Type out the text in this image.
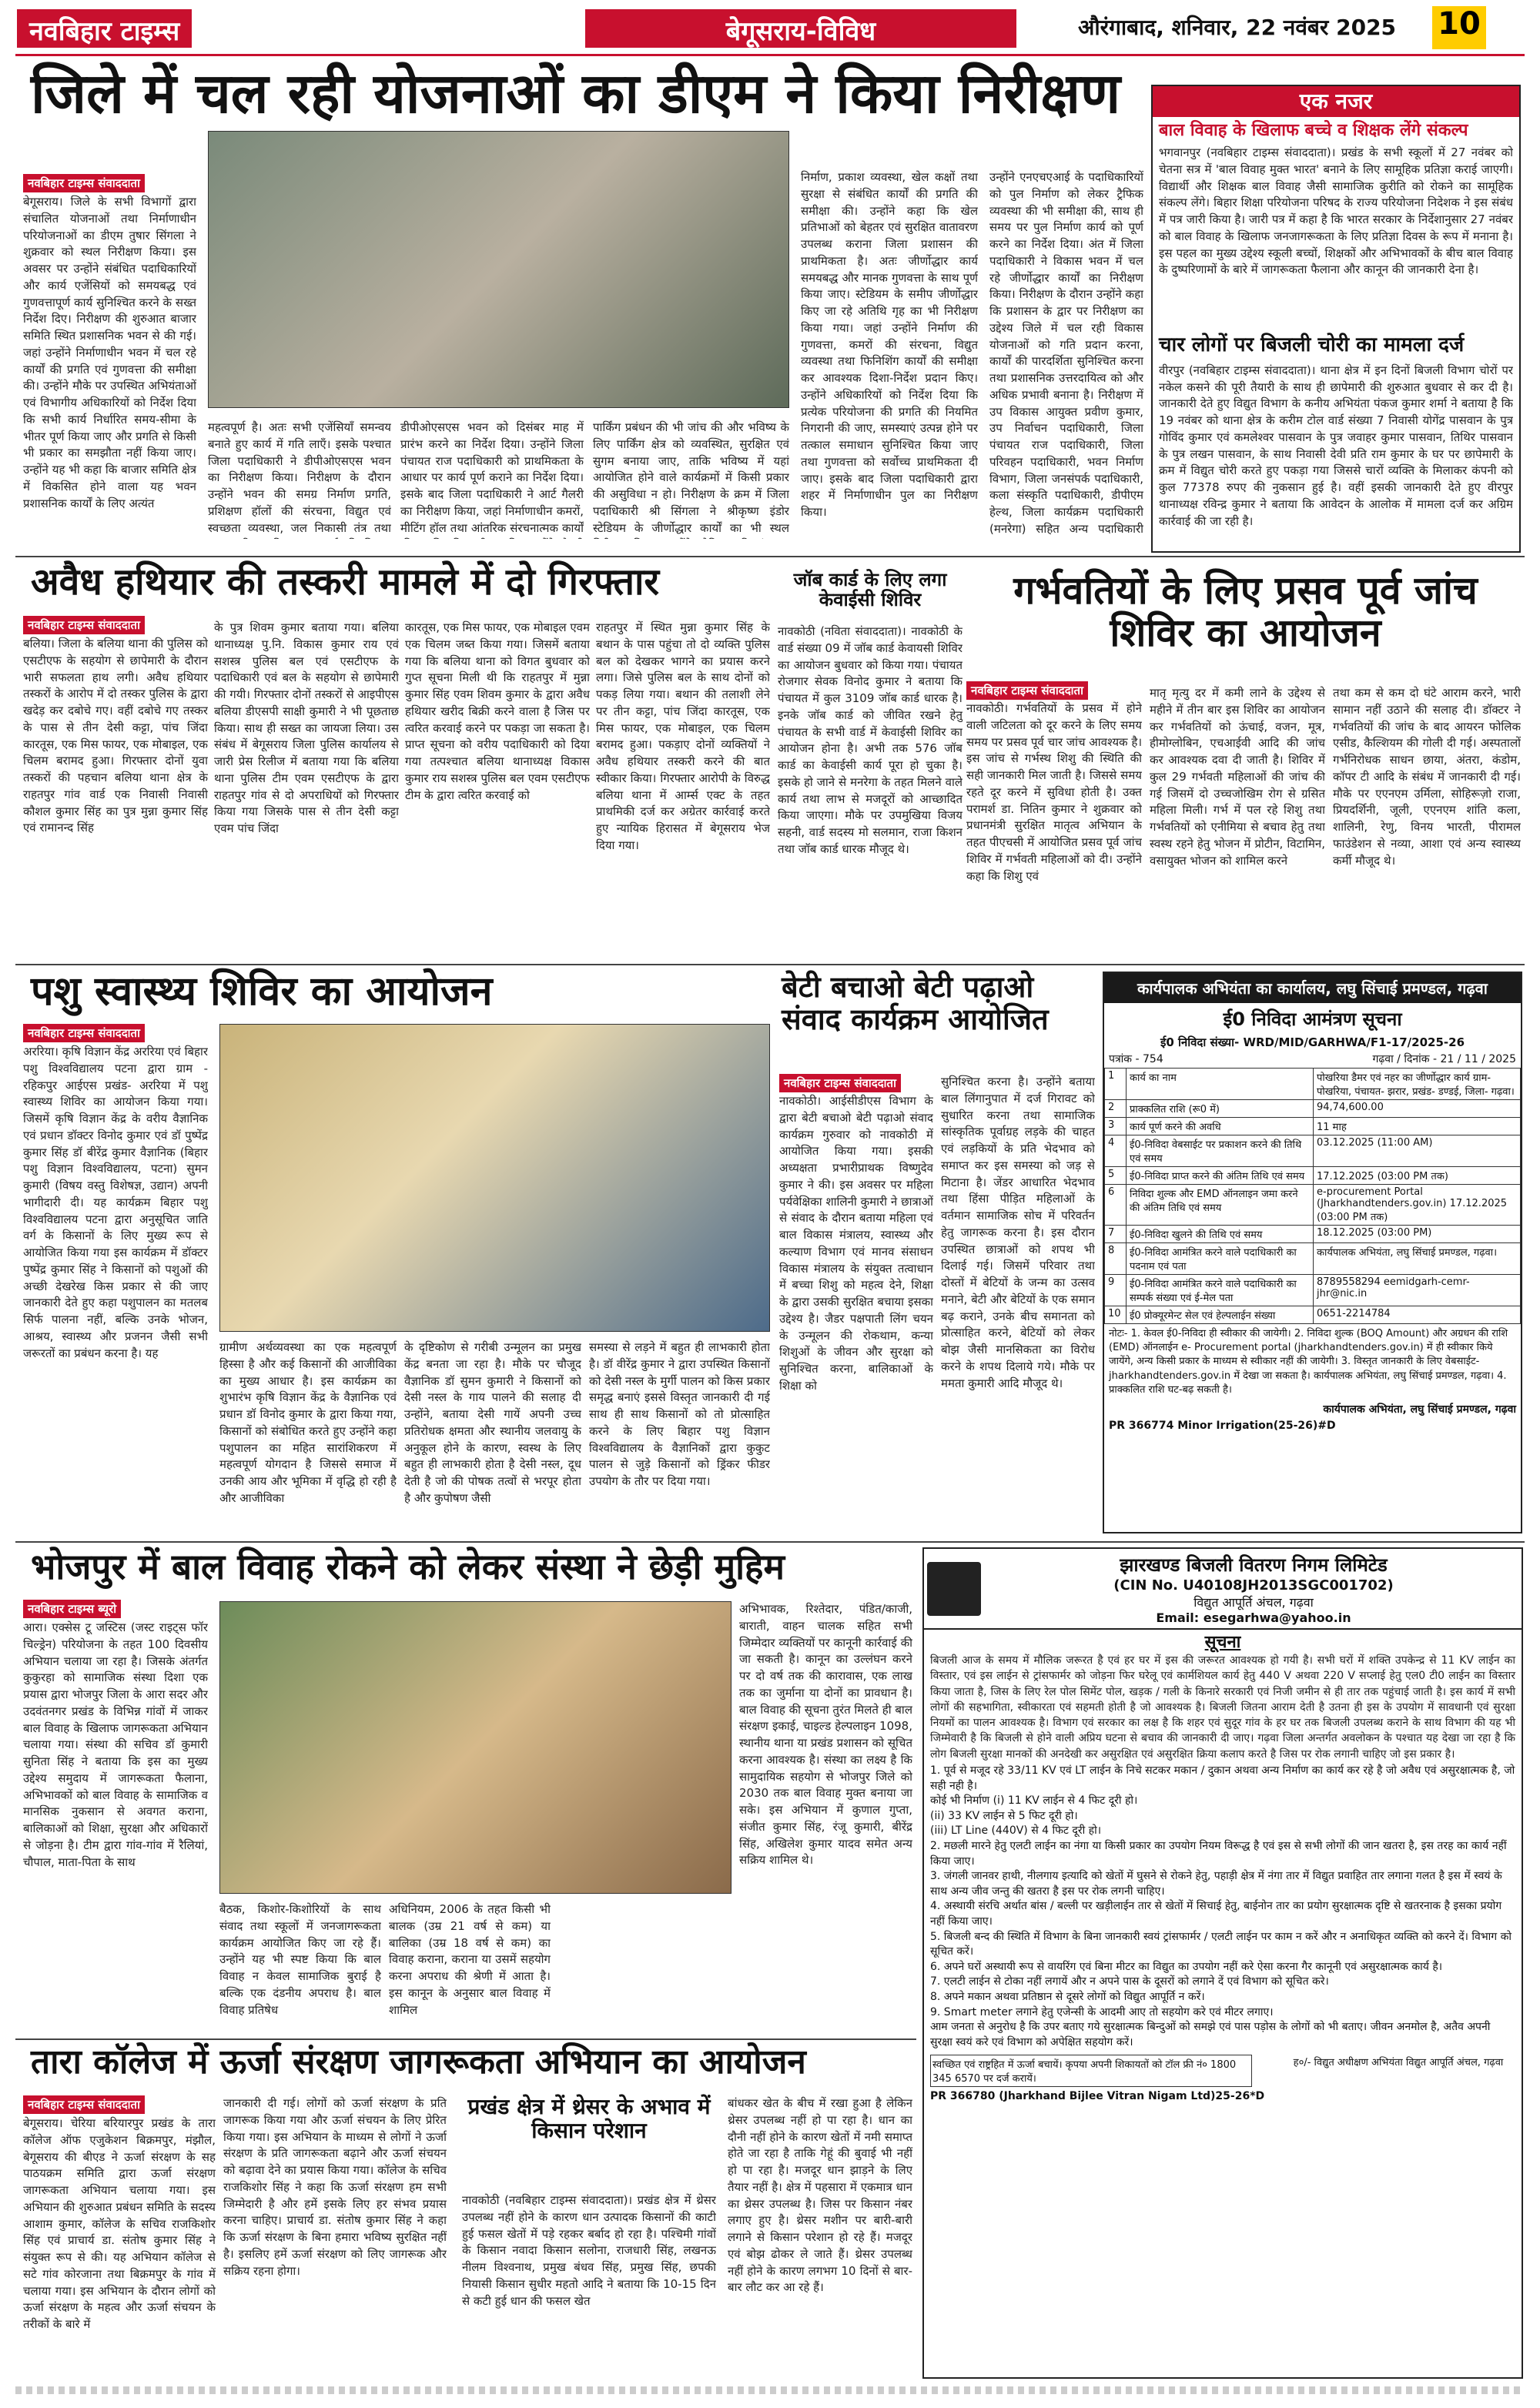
नवबिहार टाइम्स	बेगूसराय-विविध	औरंगाबाद, शनिवार, 22 नवंबर 2025 10
जिले में चल रही योजनाओं का डीएम ने किया निरीक्षण
नवबिहार टाइम्स संवाददाता
बेगूसराय। जिले के सभी विभागों द्वारा संचालित योजनाओं तथा निर्माणाधीन परियोजनाओं का डीएम तुषार सिंगला ने शुक्रवार को स्थल निरीक्षण किया। इस अवसर पर उन्होंने संबंधित पदाधिकारियों और कार्य एजेंसियों को समयबद्ध एवं गुणवत्तापूर्ण कार्य सुनिश्चित करने के सख्त निर्देश दिए। निरीक्षण की शुरुआत बाजार समिति स्थित प्रशासनिक भवन से की गई। जहां उन्होंने निर्माणाधीन भवन में चल रहे कार्यों की प्रगति एवं गुणवत्ता की समीक्षा की। उन्होंने मौके पर उपस्थित अभियंताओं एवं विभागीय अधिकारियों को निर्देश दिया कि सभी कार्य निर्धारित समय-सीमा के भीतर पूर्ण किया जाए और प्रगति से किसी भी प्रकार का समझौता नहीं किया जाए। उन्होंने यह भी कहा कि बाजार समिति क्षेत्र में विकसित होने वाला यह भवन प्रशासनिक कार्यों के लिए अत्यंत
महत्वपूर्ण है। अतः सभी एजेंसियाँ समन्वय बनाते हुए कार्य में गति लाएँ। इसके पश्चात जिला पदाधिकारी ने डीपीओएसएस भवन का निरीक्षण किया। निरीक्षण के दौरान उन्होंने भवन की समग्र निर्माण प्रगति, प्रशिक्षण हॉलों की संरचना, विद्युत एवं स्वच्छता व्यवस्था, जल निकासी तंत्र तथा
डीपीओएसएस भवन को दिसंबर माह में प्रारंभ करने का निर्देश दिया। उन्होंने जिला पंचायत राज पदाधिकारी को प्राथमिकता के आधार पर कार्य पूर्ण कराने का निर्देश दिया। इसके बाद जिला पदाधिकारी ने आर्ट गैलरी का निरीक्षण किया, जहां निर्माणाधीन कमरों, मीटिंग हॉल तथा आंतरिक संरचनात्मक कार्यों
पार्किंग प्रबंधन की भी जांच की और भविष्य के लिए पार्किंग क्षेत्र को व्यवस्थित, सुरक्षित एवं सुगम बनाया जाए, ताकि भविष्य में यहां आयोजित होने वाले कार्यक्रमों में किसी प्रकार की असुविधा न हो। निरीक्षण के क्रम में जिला पदाधिकारी श्री सिंगला ने श्रीकृष्ण इंडोर स्टेडियम के जीर्णोद्धार कार्यों का भी स्थल
निर्माण, प्रकाश व्यवस्था, खेल कक्षों तथा सुरक्षा से संबंधित कार्यों की प्रगति की समीक्षा की। उन्होंने कहा कि खेल प्रतिभाओं को बेहतर एवं सुरक्षित वातावरण उपलब्ध कराना जिला प्रशासन की प्राथमिकता है। अतः जीर्णोद्धार कार्य समयबद्ध और मानक गुणवत्ता के साथ पूर्ण किया जाए। स्टेडियम के समीप जीर्णोद्धार किए जा रहे अतिथि गृह का भी निरीक्षण किया गया। जहां उन्होंने निर्माण की गुणवत्ता, कमरों की संरचना, विद्युत व्यवस्था तथा फिनिशिंग कार्यों की समीक्षा कर आवश्यक दिशा-निर्देश प्रदान किए। उन्होंने अधिकारियों को निर्देश दिया कि प्रत्येक परियोजना की प्रगति की नियमित निगरानी की जाए, समस्याएं उत्पन्न होने पर तत्काल समाधान सुनिश्चित किया जाए तथा गुणवत्ता को सर्वोच्च प्राथमिकता दी जाए। इसके बाद जिला पदाधिकारी द्वारा शहर में निर्माणाधीन पुल का निरीक्षण किया।
उन्होंने एनएचएआई के पदाधिकारियों को पुल निर्माण को लेकर ट्रैफिक व्यवस्था की भी समीक्षा की, साथ ही समय पर पुल निर्माण कार्य को पूर्ण करने का निर्देश दिया। अंत में जिला पदाधिकारी ने विकास भवन में चल रहे जीर्णोद्धार कार्यों का निरीक्षण किया। निरीक्षण के दौरान उन्होंने कहा कि प्रशासन के द्वार पर निरीक्षण का उद्देश्य जिले में चल रही विकास योजनाओं को गति प्रदान करना, कार्यों की पारदर्शिता सुनिश्चित करना तथा प्रशासनिक उत्तरदायित्व को और अधिक प्रभावी बनाना है। निरीक्षण में उप विकास आयुक्त प्रवीण कुमार, उप निर्वाचन पदाधिकारी, जिला पंचायत राज पदाधिकारी, जिला परिवहन पदाधिकारी, भवन निर्माण विभाग, जिला जनसंपर्क पदाधिकारी, कला संस्कृति पदाधिकारी, डीपीएम हेल्थ, जिला कार्यक्रम पदाधिकारी (मनरेगा) सहित अन्य पदाधिकारी
एक नजर
बाल विवाह के खिलाफ बच्चे व शिक्षक लेंगे संकल्प
भगवानपुर (नवबिहार टाइम्स संवाददाता)। प्रखंड के सभी स्कूलों में 27 नवंबर को चेतना सत्र में 'बाल विवाह मुक्त भारत' बनाने के लिए सामूहिक प्रतिज्ञा कराई जाएगी। विद्यार्थी और शिक्षक बाल विवाह जैसी सामाजिक कुरीति को रोकने का सामूहिक संकल्प लेंगे। बिहार शिक्षा परियोजना परिषद के राज्य परियोजना निदेशक ने इस संबंध में पत्र जारी किया है। जारी पत्र में कहा है कि भारत सरकार के निर्देशानुसार 27 नवंबर को बाल विवाह के खिलाफ जनजागरूकता के लिए प्रतिज्ञा दिवस के रूप में मनाना है। इस पहल का मुख्य उद्देश्य स्कूली बच्चों, शिक्षकों और अभिभावकों के बीच बाल विवाह के दुष्परिणामों के बारे में जागरूकता फैलाना और कानून की जानकारी देना है।
चार लोगों पर बिजली चोरी का मामला दर्ज
वीरपुर (नवबिहार टाइम्स संवाददाता)। थाना क्षेत्र में इन दिनों बिजली विभाग चोरों पर नकेल कसने की पूरी तैयारी के साथ ही छापेमारी की शुरुआत बुधवार से कर दी है। जानकारी देते हुए विद्युत विभाग के कनीय अभियंता पंकज कुमार शर्मा ने बताया है कि 19 नवंबर को थाना क्षेत्र के करीम टोल वार्ड संख्या 7 निवासी योगेंद्र पासवान के पुत्र गोविंद कुमार एवं कमलेश्वर पासवान के पुत्र जवाहर कुमार पासवान, तिथिर पासवान के पुत्र लखन पासवान, के साथ निवासी देवी प्रति राम कुमार के घर पर छापेमारी के क्रम में विद्युत चोरी करते हुए पकड़ा गया जिससे चारों व्यक्ति के मिलाकर कंपनी को कुल 77378 रुपए की नुकसान हुई है। वहीं इसकी जानकारी देते हुए वीरपुर थानाध्यक्ष रविन्द्र कुमार ने बताया कि आवेदन के आलोक में मामला दर्ज कर अग्रिम कार्रवाई की जा रही है।
अवैध हथियार की तस्करी मामले में दो गिरफ्तार
नवबिहार टाइम्स संवाददाता
बलिया। जिला के बलिया थाना की पुलिस को एसटीएफ के सहयोग से छापेमारी के दौरान भारी सफलता हाथ लगी। अवैध हथियार तस्करों के आरोप में दो तस्कर पुलिस के द्वारा खदेड़ कर दबोचे गए। वहीं दबोचे गए तस्कर के पास से तीन देसी कट्टा, पांच जिंदा कारतूस, एक मिस फायर, एक मोबाइल, एक चिलम बरामद हुआ। गिरफ्तार दोनों युवा तस्करों की पहचान बलिया थाना क्षेत्र के राहतपुर गांव वार्ड एक निवासी निवासी कौशल कुमार सिंह का पुत्र मुन्ना कुमार सिंह एवं रामानन्द सिंह
के पुत्र शिवम कुमार बताया गया। बलिया थानाध्यक्ष पु.नि. विकास कुमार राय एवं सशस्त्र पुलिस बल एवं एसटीएफ के पदाधिकारी एवं बल के सहयोग से छापेमारी की गयी। गिरफ्तार दोनों तस्करों से आइपीएस बलिया डीएसपी साक्षी कुमारी ने भी पूछताछ किया। साथ ही सख्त का जायजा लिया। उस संबंध में बेगूसराय जिला पुलिस कार्यालय से जारी प्रेस रिलीज में बताया गया कि बलिया थाना पुलिस टीम एवम एसटीएफ के द्वारा राहतपुर गांव से दो अपराधियों को गिरफ्तार किया गया जिसके पास से तीन देसी कट्टा एवम पांच जिंदा
कारतूस, एक मिस फायर, एक मोबाइल एवम एक चिलम जब्त किया गया। जिसमें बताया गया कि बलिया थाना को विगत बुधवार को गुप्त सूचना मिली थी कि राहतपुर में मुन्ना कुमार सिंह एवम शिवम कुमार के द्वारा अवैध हथियार खरीद बिक्री करने वाला है जिस पर त्वरित करवाई करने पर पकड़ा जा सकता है। प्राप्त सूचना को वरीय पदाधिकारी को दिया गया तत्पश्चात बलिया थानाध्यक्ष विकास कुमार राय सशस्त्र पुलिस बल एवम एसटीएफ टीम के द्वारा त्वरित करवाई को
राहतपुर में स्थित मुन्ना कुमार सिंह के बथान के पास पहुंचा तो दो व्यक्ति पुलिस बल को देखकर भागने का प्रयास करने लगा। जिसे पुलिस बल के साथ दोनों को पकड़ लिया गया। बथान की तलाशी लेने पर तीन कट्टा, पांच जिंदा कारतूस, एक मिस फायर, एक मोबाइल, एक चिलम बरामद हुआ। पकड़ाए दोनों व्यक्तियों ने अवैध हथियार तस्करी करने की बात स्वीकार किया। गिरफ्तार आरोपी के विरुद्ध बलिया थाना में आर्म्स एक्ट के तहत प्राथमिकी दर्ज कर अग्रेतर कार्रवाई करते हुए न्यायिक हिरासत में बेगूसराय भेज दिया गया।
जॉब कार्ड के लिए लगा केवाईसी शिविर
नावकोठी (नविता संवाददाता)। नावकोठी के वार्ड संख्या 09 में जॉब कार्ड केवायसी शिविर का आयोजन बुधवार को किया गया। पंचायत रोजगार सेवक विनोद कुमार ने बताया कि पंचायत में कुल 3109 जॉब कार्ड धारक है। इनके जॉब कार्ड को जीवित रखने हेतु पंचायत के सभी वार्ड में केवाईसी शिविर का आयोजन होना है। अभी तक 576 जॉब कार्ड का केवाईसी कार्य पूरा हो चुका है। इसके हो जाने से मनरेगा के तहत मिलने वाले कार्य तथा लाभ से मजदूरों को आच्छादित किया जाएगा। मौके पर उपमुखिया विजय सहनी, वार्ड सदस्य मो सलमान, राजा किशन तथा जॉब कार्ड धारक मौजूद थे।
गर्भवतियों के लिए प्रसव पूर्व जांच शिविर का आयोजन
नवबिहार टाइम्स संवाददाता
नावकोठी। गर्भवतियों के प्रसव में होने वाली जटिलता को दूर करने के लिए समय समय पर प्रसव पूर्व चार जांच आवश्यक है। इस जांच से गर्भस्थ शिशु की स्थिति की सही जानकारी मिल जाती है। जिससे समय रहते दूर करने में सुविधा होती है। उक्त परामर्श डा. नितिन कुमार ने शुक्रवार को प्रधानमंत्री सुरक्षित मातृत्व अभियान के तहत पीएचसी में आयोजित प्रसव पूर्व जांच शिविर में गर्भवती महिलाओं को दी। उन्होंने कहा कि शिशु एवं
मातृ मृत्यु दर में कमी लाने के उद्देश्य से महीने में तीन बार इस शिविर का आयोजन कर गर्भवतियों को ऊंचाई, वजन, मूत्र, हीमोग्लोबिन, एचआईवी आदि की जांच कर आवश्यक दवा दी जाती है। शिविर में कुल 29 गर्भवती महिलाओं की जांच की गई जिसमें दो उच्चजोखिम रोग से ग्रसित महिला मिली। गर्भ में पल रहे शिशु तथा गर्भवतियों को एनीमिया से बचाव हेतु तथा स्वस्थ रहने हेतु भोजन में प्रोटीन, विटामिन, वसायुक्त भोजन को शामिल करने
तथा कम से कम दो घंटे आराम करने, भारी सामान नहीं उठाने की सलाह दी। डॉक्टर ने गर्भवतियों की जांच के बाद आयरन फोलिक एसीड, कैल्शियम की गोली दी गई। अस्पतालों गर्भनिरोधक साधन छाया, अंतरा, कंडोम, कॉपर टी आदि के संबंध में जानकारी दी गई। मौके पर एएनएम उर्मिला, सोहिरूज़ो राजा, प्रियदर्शिनी, जूली, एएनएम शांति कला, शालिनी, रेणु, विनय भारती, पीरामल फाउंडेशन से नव्या, आशा एवं अन्य स्वास्थ्य कर्मी मौजूद थे।
पशु स्वास्थ्य शिविर का आयोजन
नवबिहार टाइम्स संवाददाता
अररिया। कृषि विज्ञान केंद्र अररिया एवं बिहार पशु विश्वविद्यालय पटना द्वारा ग्राम - रहिकपुर आईएस प्रखंड- अररिया में पशु स्वास्थ्य शिविर का आयोजन किया गया। जिसमें कृषि विज्ञान केंद्र के वरीय वैज्ञानिक एवं प्रधान डॉक्टर विनोद कुमार एवं डॉ पुष्पेंद्र कुमार सिंह डॉ बीरेंद्र कुमार वैज्ञानिक (बिहार पशु विज्ञान विश्वविद्यालय, पटना) सुमन कुमारी (विषय वस्तु विशेषज्ञ, उद्यान) अपनी भागीदारी दी। यह कार्यक्रम बिहार पशु विश्वविद्यालय पटना द्वारा अनुसूचित जाति वर्ग के किसानों के लिए मुख्य रूप से आयोजित किया गया इस कार्यक्रम में डॉक्टर पुष्पेंद्र कुमार सिंह ने किसानों को पशुओं की अच्छी देखरेख किस प्रकार से की जाए जानकारी देते हुए कहा पशुपालन का मतलब सिर्फ पालना नहीं, बल्कि उनके भोजन, आश्रय, स्वास्थ्य और प्रजनन जैसी सभी जरूरतों का प्रबंधन करना है। यह	ग्रामीण अर्थव्यवस्था का एक महत्वपूर्ण हिस्सा है और कई किसानों की आजीविका का मुख्य आधार है। इस कार्यक्रम का शुभारंभ कृषि विज्ञान केंद्र के वैज्ञानिक एवं प्रधान डॉ विनोद कुमार के द्वारा किया गया, किसानों को संबोधित करते हुए उन्होंने कहा पशुपालन का महित सारांशिकरण में महत्वपूर्ण योगदान है जिससे समाज में उनकी आय और भूमिका में वृद्धि हो रही है और आजीविका
के दृष्टिकोण से गरीबी उन्मूलन का प्रमुख केंद्र बनता जा रहा है। मौके पर चौजूद वैज्ञानिक डॉ सुमन कुमारी ने किसानों को देसी नस्ल के गाय पालने की सलाह दी उन्होंने, बताया देसी गायें अपनी उच्च प्रतिरोधक क्षमता और स्थानीय जलवायु के अनुकूल होने के कारण, स्वस्थ के लिए बहुत ही लाभकारी होता है देसी नस्ल, दूध देती है जो की पोषक तत्वों से भरपूर होता है और कुपोषण जैसी
समस्या से लड़ने में बहुत ही लाभकारी होता है। डॉ वीरेंद्र कुमार ने द्वारा उपस्थित किसानों को देसी नस्ल के मुर्गी पालन को किस प्रकार समृद्ध बनाएं इससे विस्तृत जानकारी दी गई साथ ही साथ किसानों को तो प्रोत्साहित करने के लिए बिहार पशु विज्ञान विश्वविद्यालय के वैज्ञानिकों द्वारा कुकुट पालन से जुड़े किसानों को ड्रिंकर फीडर उपयोग के तौर पर दिया गया।
बेटी बचाओ बेटी पढ़ाओ संवाद कार्यक्रम आयोजित
नवबिहार टाइम्स संवाददाता
नावकोठी। आईसीडीएस विभाग के द्वारा बेटी बचाओ बेटी पढ़ाओ संवाद कार्यक्रम गुरुवार को नावकोठी में आयोजित किया गया। इसकी अध्यक्षता प्रभारीप्राथक विष्णुदेव कुमार ने की। इस अवसर पर महिला पर्यवेक्षिका शालिनी कुमारी ने छात्राओं से संवाद के दौरान बताया महिला एवं बाल विकास मंत्रालय, स्वास्थ्य और कल्याण विभाग एवं मानव संसाधन विकास मंत्रालय के संयुक्त तत्वाधान में बच्चा शिशु को महत्व देने, शिक्षा के द्वारा उसकी सुरक्षित बचाया इसका उद्देश्य है। जैडर पक्षपाती लिंग चयन के उन्मूलन की रोकथाम, कन्या शिशुओं के जीवन और सुरक्षा को सुनिश्चित करना, बालिकाओं के शिक्षा को
सुनिश्चित करना है। उन्होंने बताया बाल लिंगानुपात में दर्ज गिरावट को सुधारित करना तथा सामाजिक सांस्कृतिक पूर्वाग्रह लड़के की चाहत एवं लड़कियों के प्रति भेदभाव को समाप्त कर इस समस्या को जड़ से मिटाना है। जेंडर आधारित भेदभाव तथा हिंसा पीड़ित महिलाओं के वर्तमान सामाजिक सोच में परिवर्तन हेतु जागरूक करना है। इस दौरान उपस्थित छात्राओं को शपथ भी दिलाई गई। जिसमें परिवार तथा दोस्तों में बेटियों के जन्म का उत्सव मनाने, बेटी और बेटियों के एक समान बढ़ कराने, उनके बीच समानता को प्रोत्साहित करने, बेटियों को लेकर बोझ जैसी मानसिकता का विरोध करने के शपथ दिलाये गये। मौके पर ममता कुमारी आदि मौजूद थे।
कार्यपालक अभियंता का कार्यालय, लघु सिंचाई प्रमण्डल, गढ़वा
ई0 निविदा आमंत्रण सूचना
ई0 निविदा संख्या- WRD/MID/GARHWA/F1-17/2025-26
पत्रांक - 754	गढ़वा / दिनांक - 21 / 11 / 2025
1	कार्य का नाम	पोखरिया डैमर एवं नहर का जीर्णोद्धार कार्य ग्राम- पोखरिया, पंचायत- झरार, प्रखंड- डण्डई, जिला- गढ़वा।
2	प्राक्कलित राशि (रू0 में)	94,74,600.00
3	कार्य पूर्ण करने की अवधि	11 माह
4	ई0-निविदा वेबसाईट पर प्रकाशन करने की तिथि एवं समय	03.12.2025 (11:00 AM)
5	ई0-निविदा प्राप्त करने की अंतिम तिथि एवं समय	17.12.2025 (03:00 PM तक)
6	निविदा शुल्क और EMD ऑनलाइन जमा करने की अंतिम तिथि एवं समय	e-procurement Portal (Jharkhandtenders.gov.in) 17.12.2025 (03:00 PM तक)
7	ई0-निविदा खुलने की तिथि एवं समय	18.12.2025 (03:00 PM)
8	ई0-निविदा आमंत्रित करने वाले पदाधिकारी का पदनाम एवं पता	कार्यपालक अभियंता, लघु सिंचाई प्रमण्डल, गढ़वा।
9	ई0-निविदा आमंत्रित करने वाले पदाधिकारी का सम्पर्क संख्या एवं ई-मेल पता	8789558294 eemidgarh-cemr-jhr@nic.in
10	ई0 प्रोक्यूरमेन्ट सेल एवं हेल्पलाईन संख्या	0651-2214784
नोटः- 1. केवल ई0-निविदा ही स्वीकार की जायेगी। 2. निविदा शुल्क (BOQ Amount) और अग्रधन की राशि (EMD) ऑनलाईन e- Procurement portal (jharkhandtenders.gov.in) में ही स्वीकार किये जायेंगे, अन्य किसी प्रकार के माध्यम से स्वीकार नहीं की जायेगी। 3. विस्तृत जानकारी के लिए वेबसाईट-jharkhandtenders.gov.in में देखा जा सकता है। कार्यपालक अभियंता, लघु सिंचाई प्रमण्डल, गढ़वा। 4. प्राक्कलित राशि घट-बढ़ सकती है।
कार्यपालक अभियंता, लघु सिंचाई प्रमण्डल, गढ़वा
PR 366774 Minor Irrigation(25-26)#D
भोजपुर में बाल विवाह रोकने को लेकर संस्था ने छेड़ी मुहिम
नवबिहार टाइम्स ब्यूरो
आरा। एक्सेस टू जस्टिस (जस्ट राइट्स फॉर चिल्ड्रेन) परियोजना के तहत 100 दिवसीय अभियान चलाया जा रहा है। जिसके अंतर्गत कुकुरहा को सामाजिक संस्था दिशा एक प्रयास द्वारा भोजपुर जिला के आरा सदर और उदवंतनगर प्रखंड के विभिन्न गांवों में जाकर बाल विवाह के खिलाफ जागरूकता अभियान चलाया गया। संस्था की सचिव डॉ कुमारी सुनिता सिंह ने बताया कि इस का मुख्य उद्देश्य समुदाय में जागरूकता फैलाना, अभिभावकों को बाल विवाह के सामाजिक व मानसिक नुकसान से अवगत कराना, बालिकाओं को शिक्षा, सुरक्षा और अधिकारों से जोड़ना है। टीम द्वारा गांव-गांव में रैलियां, चौपाल, माता-पिता के साथ
बैठक, किशोर-किशोरियों के साथ संवाद तथा स्कूलों में जनजागरूकता कार्यक्रम आयोजित किए जा रहे हैं। उन्होंने यह भी स्पष्ट किया कि बाल विवाह न केवल सामाजिक बुराई है बल्कि एक दंडनीय अपराध है। बाल विवाह प्रतिषेध
अधिनियम, 2006 के तहत किसी भी बालक (उम्र 21 वर्ष से कम) या बालिका (उम्र 18 वर्ष से कम) का विवाह कराना, कराना या उसमें सहयोग करना अपराध की श्रेणी में आता है। इस कानून के अनुसार बाल विवाह में शामिल
अभिभावक, रिश्तेदार, पंडित/काजी, बाराती, वाहन चालक सहित सभी जिम्मेदार व्यक्तियों पर कानूनी कार्रवाई की जा सकती है। कानून का उल्लंघन करने पर दो वर्ष तक की कारावास, एक लाख तक का जुर्माना या दोनों का प्रावधान है। बाल विवाह की सूचना तुरंत मिलते ही बाल संरक्षण इकाई, चाइल्ड हेल्पलाइन 1098, स्थानीय थाना या प्रखंड प्रशासन को सूचित करना आवश्यक है। संस्था का लक्ष्य है कि सामुदायिक सहयोग से भोजपुर जिले को 2030 तक बाल विवाह मुक्त बनाया जा सके। इस अभियान में कुणाल गुप्ता, संजीत कुमार सिंह, रंजू कुमारी, बीरेंद्र सिंह, अखिलेश कुमार यादव समेत अन्य सक्रिय शामिल थे।
तारा कॉलेज में ऊर्जा संरक्षण जागरूकता अभियान का आयोजन
नवबिहार टाइम्स संवाददाता
बेगूसराय। चेरिया बरियारपुर प्रखंड के तारा कॉलेज ऑफ एजुकेशन बिक्रमपुर, मंझौल, बेगूसराय की बीएड ने ऊर्जा संरक्षण के सह पाठयक्रम समिति द्वारा ऊर्जा संरक्षण जागरूकता अभियान चलाया गया। इस अभियान की शुरुआत प्रबंधन समिति के सदस्य आशाम कुमार, कॉलेज के सचिव राजकिशोर सिंह एवं प्राचार्य डा. संतोष कुमार सिंह ने संयुक्त रूप से की। यह अभियान कॉलेज से सटे गांव कोरजाना तथा बिक्रमपुर के गांव में चलाया गया। इस अभियान के दौरान लोगों को ऊर्जा संरक्षण के महत्व और ऊर्जा संचयन के तरीकों के बारे में
जानकारी दी गई। लोगों को ऊर्जा संरक्षण के प्रति जागरूक किया गया और ऊर्जा संचयन के लिए प्रेरित किया गया। इस अभियान के माध्यम से लोगों ने ऊर्जा संरक्षण के प्रति जागरूकता बढ़ाने और ऊर्जा संचयन को बढ़ावा देने का प्रयास किया गया। कॉलेज के सचिव राजकिशोर सिंह ने कहा कि ऊर्जा संरक्षण हम सभी जिम्मेदारी है और हमें इसके लिए हर संभव प्रयास करना चाहिए। प्राचार्य डा. संतोष कुमार सिंह ने कहा कि ऊर्जा संरक्षण के बिना हमारा भविष्य सुरक्षित नहीं है। इसलिए हमें ऊर्जा संरक्षण को लिए जागरूक और सक्रिय रहना होगा।
प्रखंड क्षेत्र में थ्रेसर के अभाव में किसान परेशान
नावकोठी (नवबिहार टाइम्स संवाददाता)। प्रखंड क्षेत्र में थ्रेसर उपलब्ध नहीं होने के कारण धान उत्पादक किसानों की काटी हुई फसल खेतों में पड़े रहकर बर्बाद हो रहा है। पश्चिमी गांवों के किसान नवादा किसान सलोना, राजधारी सिंह, लखनऊ नीलम विश्वनाथ, प्रमुख बंधव सिंह, प्रमुख सिंह, छपकी नियासी किसान सुधीर महतो आदि ने बताया कि 10-15 दिन से कटी हुई धान की फसल खेत
बांधकर खेत के बीच में रखा हुआ है लेकिन थ्रेसर उपलब्ध नहीं हो पा रहा है। धान का दौनी नहीं होने के कारण खेतों में नमी समाप्त होते जा रहा है ताकि गेहूं की बुवाई भी नहीं हो पा रहा है। मजदूर धान झाड़ने के लिए तैयार नहीं है। क्षेत्र में पहसारा में एकमात्र धान का थ्रेसर उपलब्ध है। जिस पर किसान नंबर लगाए हुए है। थ्रेसर मशीन पर बारी-बारी लगाने से किसान परेशान हो रहे हैं। मजदूर एवं बोझ ढोकर ले जाते हैं। थ्रेसर उपलब्ध नहीं होने के कारण लगभग 10 दिनों से बार-बार लौट कर आ रहे हैं।
झारखण्ड बिजली वितरण निगम लिमिटेड
(CIN No. U40108JH2013SGC001702)
विद्युत आपूर्ति अंचल, गढ़वा
Email: esegarhwa@yahoo.in
सूचना
बिजली आज के समय में मौलिक जरूरत है एवं हर घर में इस की जरूरत आवश्यक हो गयी है। सभी घरों में शक्ति उपकेन्द्र से 11 KV लाईन का विस्तार, एवं इस लाईन से ट्रांसफार्मर को जोड़ना फिर घरेलू एवं कार्मशियल कार्य हेतु 440 V अथवा 220 V सप्लाई हेतु एल0 टी0 लाईन का विस्तार किया जाता है, जिस के लिए रेल पोल सिमेंट पोल, खड़क / गली के किनारे सरकारी एवं निजी जमीन से ही तार तक पहुंचाई जाती है। इस कार्य में सभी लोगों की सहभागिता, स्वीकारता एवं सहमती होती है जो आवश्यक है। बिजली जितना आराम देती है उतना ही इस के उपयोग में सावधानी एवं सुरक्षा नियमों का पालन आवश्यक है। विभाग एवं सरकार का लक्ष है कि शहर एवं सुदूर गांव के हर घर तक बिजली उपलब्ध कराने के साथ विभाग की यह भी जिम्मेवारी है कि बिजली से होने वाली अप्रिय घटना से बचाव की जानकारी दी जाए। गढ़वा जिला अन्तर्गत अवलोकन के पश्चात यह देखा जा रहा है कि लोग बिजली सुरक्षा मानकों की अनदेखी कर असुरक्षित एवं असुरक्षित क्रिया कलाप करते है जिस पर रोक लगानी चाहिए जो इस प्रकार है।
1. पूर्व से मजूद रहे 33/11 KV एवं LT लाईन के निचे सटकर मकान / दुकान अथवा अन्य निर्माण का कार्य कर रहे है जो अवैध एवं असुरक्षात्मक है, जो सही नही है।
कोई भी निर्माण (i) 11 KV लाईन से 4 फिट दूरी हो।
(ii) 33 KV लाईन से 5 फिट दूरी हो।
(iii) LT Line (440V) से 4 फिट दूरी हो।
2. मछली मारने हेतु एलटी लाईन का नंगा या किसी प्रकार का उपयोग नियम विरूद्ध है एवं इस से सभी लोगों की जान खतरा है, इस तरह का कार्य नहीं किया जाए।
3. जंगली जानवर हाथी, नीलगाय इत्यादि को खेतों में घुसने से रोकने हेतु, पहाड़ी क्षेत्र में नंगा तार में विद्युत प्रवाहित तार लगाना गलत है इस में स्वयं के साथ अन्य जीव जन्तु की खतरा है इस पर रोक लगनी चाहिए।
4. अस्थायी संरचि अर्थात बांस / बल्ली पर खड़ीलाईन तार से खेतों में सिचाई हेतु, बाईनोन तार का प्रयोग सुरक्षात्मक दृष्टि से खतरनाक है इसका प्रयोग नहीं किया जाए।
5. बिजली बन्द की स्थिति में विभाग के बिना जानकारी स्वयं ट्रांसफार्मर / एलटी लाईन पर काम न करें और न अनाधिकृत व्यक्ति को करने दें। विभाग को सूचित करें।
6. अपने घरों अस्थायी रूप से वायरिंग एवं बिना मीटर का विद्युत का उपयोग नहीं करे ऐसा करना गैर कानूनी एवं असुरक्षात्मक कार्य है।
7. एलटी लाईन से टोका नहीं लगायें और न अपने पास के दूसरों को लगाने दें एवं विभाग को सूचित करे।
8. अपने मकान अथवा प्रतिष्ठान से दूसरे लोगों को विद्युत आपूर्ति न करें।
9. Smart meter लगाने हेतु एजेन्सी के आदमी आए तो सहयोग करे एवं मीटर लगाए।
आम जनता से अनुरोध है कि उपर बताए गये सुरक्षात्मक बिन्दुओं को समझे एवं पास पड़ोस के लोगों को भी बताए। जीवन अनमोल है, अतैव अपनी सुरक्षा स्वयं करे एवं विभाग को अपेक्षित सहयोग करें।
स्वच्छित एवं राष्ट्रहित में ऊर्जा बचायें। कृपया अपनी शिकायतों को टॉल फ्री नं० 1800 345 6570 पर दर्ज करायें।
ह०/- विद्युत अधीक्षण अभियंता विद्युत आपूर्ति अंचल, गढ़वा
PR 366780 (Jharkhand Bijlee Vitran Nigam Ltd)25-26*D
